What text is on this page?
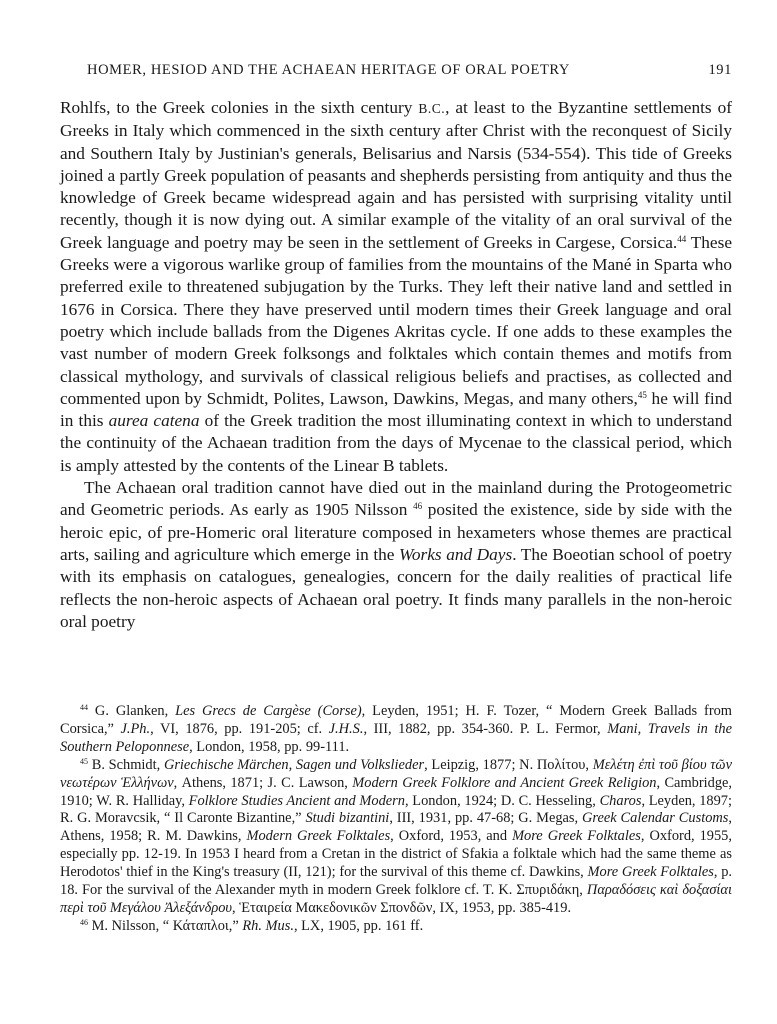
HOMER, HESIOD AND THE ACHAEAN HERITAGE OF ORAL POETRY	191

Rohlfs, to the Greek colonies in the sixth century B.C., at least to the Byzantine settlements of Greeks in Italy which commenced in the sixth century after Christ with the reconquest of Sicily and Southern Italy by Justinian's generals, Belisarius and Narsis (534-554). This tide of Greeks joined a partly Greek population of peasants and shepherds persisting from antiquity and thus the knowledge of Greek became widespread again and has persisted with surprising vitality until recently, though it is now dying out. A similar example of the vitality of an oral survival of the Greek language and poetry may be seen in the settlement of Greeks in Cargese, Corsica.$^{44}$ These Greeks were a vigorous warlike group of families from the mountains of the Mané in Sparta who preferred exile to threatened subjugation by the Turks. They left their native land and settled in 1676 in Corsica. There they have preserved until modern times their Greek language and oral poetry which include ballads from the Digenes Akritas cycle. If one adds to these examples the vast number of modern Greek folksongs and folktales which contain themes and motifs from classical mythology, and survivals of classical religious beliefs and practises, as collected and commented upon by Schmidt, Polites, Lawson, Dawkins, Megas, and many others,$^{45}$ he will find in this aurea catena of the Greek tradition the most illuminating context in which to understand the continuity of the Achaean tradition from the days of Mycenae to the classical period, which is amply attested by the contents of the Linear B tablets.

The Achaean oral tradition cannot have died out in the mainland during the Protogeometric and Geometric periods. As early as 1905 Nilsson $^{46}$ posited the existence, side by side with the heroic epic, of pre-Homeric oral literature composed in hexameters whose themes are practical arts, sailing and agriculture which emerge in the Works and Days. The Boeotian school of poetry with its emphasis on catalogues, genealogies, concern for the daily realities of practical life reflects the non-heroic aspects of Achaean oral poetry. It finds many parallels in the non-heroic oral poetry

$^{44}$ G. Glanken, Les Grecs de Cargèse (Corse), Leyden, 1951; H. F. Tozer, “ Modern Greek Ballads from Corsica,” J.Ph., VI, 1876, pp. 191-205; cf. J.H.S., III, 1882, pp. 354-360. P. L. Fermor, Mani, Travels in the Southern Peloponnese, London, 1958, pp. 99-111.

$^{45}$ B. Schmidt, Griechische Märchen, Sagen und Volkslieder, Leipzig, 1877; N. Πολίτου, Μελέτη ἐπὶ τοῦ βίου τῶν νεωτέρων Ἑλλήνων, Athens, 1871; J. C. Lawson, Modern Greek Folklore and Ancient Greek Religion, Cambridge, 1910; W. R. Halliday, Folklore Studies Ancient and Modern, London, 1924; D. C. Hesseling, Charos, Leyden, 1897; R. G. Moravcsik, “ Il Caronte Bizantine,” Studi bizantini, III, 1931, pp. 47-68; G. Megas, Greek Calendar Customs, Athens, 1958; R. M. Dawkins, Modern Greek Folktales, Oxford, 1953, and More Greek Folktales, Oxford, 1955, especially pp. 12-19. In 1953 I heard from a Cretan in the district of Sfakia a folktale which had the same theme as Herodotos' thief in the King's treasury (II, 121); for the survival of this theme cf. Dawkins, More Greek Folktales, p. 18. For the survival of the Alexander myth in modern Greek folklore cf. T. K. Σπυριδάκη, Παραδόσεις καὶ δοξασίαι περὶ τοῦ Μεγάλου Ἀλεξάνδρου, Ἑταιρεία Μακεδονικῶν Σπονδῶν, IX, 1953, pp. 385-419.

$^{46}$ M. Nilsson, “ Κάταπλοι,” Rh. Mus., LX, 1905, pp. 161 ff.
